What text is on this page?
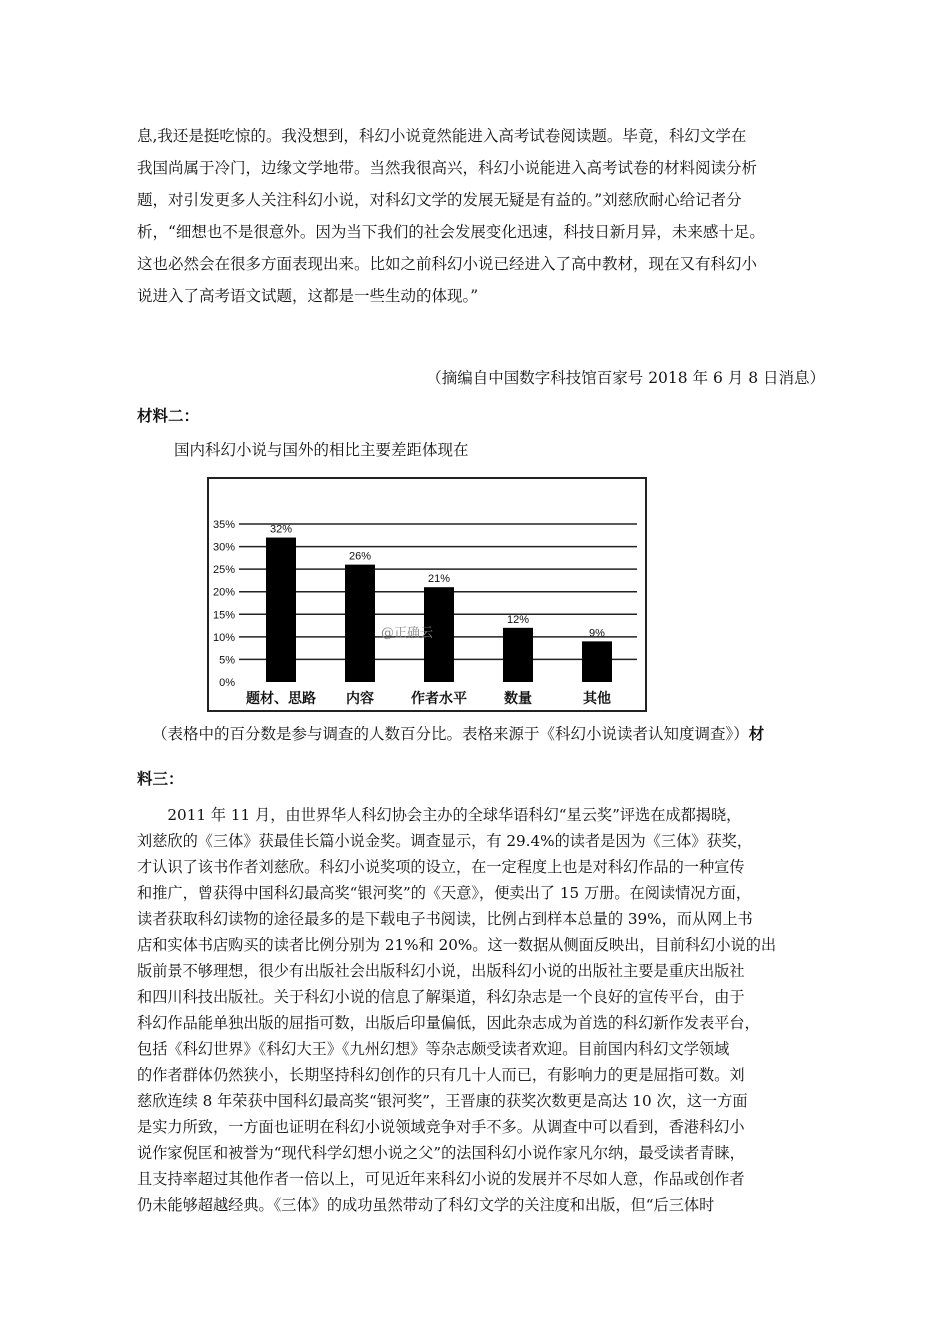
息,我还是挺吃惊的。我没想到，科幻小说竟然能进入高考试卷阅读题。毕竟，科幻文学在
我国尚属于冷门，边缘文学地带。当然我很高兴，科幻小说能进入高考试卷的材料阅读分析
题，对引发更多人关注科幻小说，对科幻文学的发展无疑是有益的。”刘慈欣耐心给记者分
析，“细想也不是很意外。因为当下我们的社会发展变化迅速，科技日新月异，未来感十足。
这也必然会在很多方面表现出来。比如之前科幻小说已经进入了高中教材，现在又有科幻小
说进入了高考语文试题，这都是一些生动的体现。”
（摘编自中国数字科技馆百家号 2018 年 6 月 8 日消息）
材料二：
国内科幻小说与国外的相比主要差距体现在
0%
5%
10%
15%
20%
25%
30%
35%	32%
题材、思路
26%
内容
21%
作者水平
12%
数量
9%
其他
@正确云
（表格中的百分数是参与调查的人数百分比。表格来源于《科幻小说读者认知度调查》）材
料三：
　　2011 年 11 月，由世界华人科幻协会主办的全球华语科幻“星云奖”评选在成都揭晓，
刘慈欣的《三体》获最佳长篇小说金奖。调查显示，有 29.4%的读者是因为《三体》获奖，
才认识了该书作者刘慈欣。科幻小说奖项的设立，在一定程度上也是对科幻作品的一种宣传
和推广，曾获得中国科幻最高奖“银河奖”的《天意》，便卖出了 15 万册。在阅读情况方面，
读者获取科幻读物的途径最多的是下载电子书阅读，比例占到样本总量的 39%，而从网上书
店和实体书店购买的读者比例分别为 21%和 20%。这一数据从侧面反映出，目前科幻小说的出
版前景不够理想，很少有出版社会出版科幻小说，出版科幻小说的出版社主要是重庆出版社
和四川科技出版社。关于科幻小说的信息了解渠道，科幻杂志是一个良好的宣传平台，由于
科幻作品能单独出版的屈指可数，出版后印量偏低，因此杂志成为首选的科幻新作发表平台，
包括《科幻世界》《科幻大王》《九州幻想》等杂志颇受读者欢迎。目前国内科幻文学领域
的作者群体仍然狭小，长期坚持科幻创作的只有几十人而已，有影响力的更是屈指可数。刘
慈欣连续 8 年荣获中国科幻最高奖“银河奖”，王晋康的获奖次数更是高达 10 次，这一方面
是实力所致，一方面也证明在科幻小说领域竞争对手不多。从调查中可以看到，香港科幻小
说作家倪匡和被誉为“现代科学幻想小说之父”的法国科幻小说作家凡尔纳，最受读者青睐，
且支持率超过其他作者一倍以上，可见近年来科幻小说的发展并不尽如人意，作品或创作者
仍未能够超越经典。《三体》的成功虽然带动了科幻文学的关注度和出版，但“后三体时
